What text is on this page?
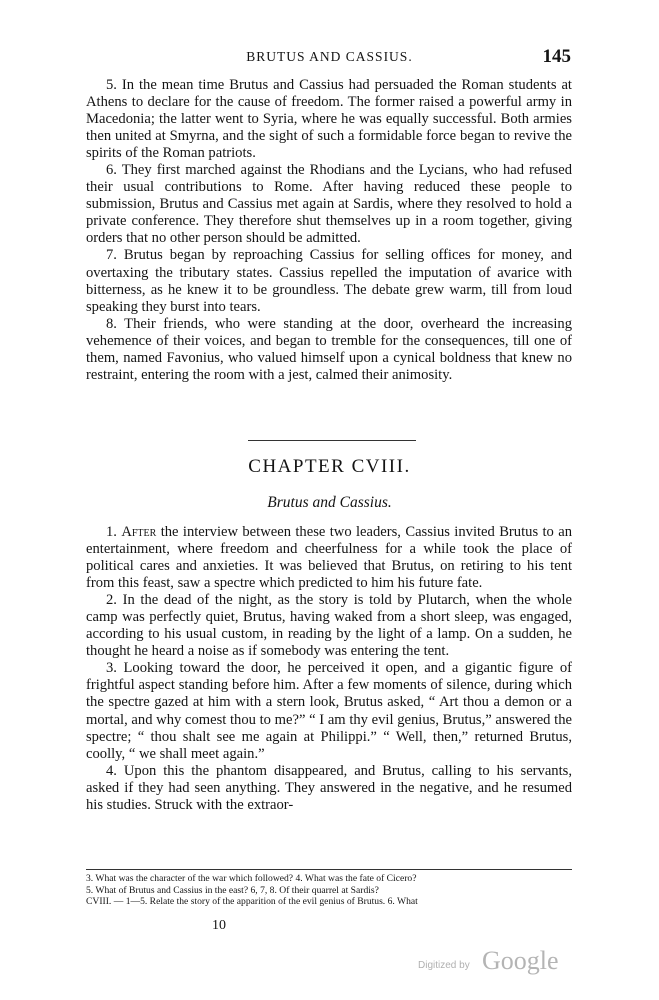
BRUTUS AND CASSIUS.	145

5. In the mean time Brutus and Cassius had persuaded the Roman students at Athens to declare for the cause of freedom. The former raised a powerful army in Macedonia; the latter went to Syria, where he was equally successful. Both armies then united at Smyrna, and the sight of such a formidable force began to revive the spirits of the Roman patriots.

6. They first marched against the Rhodians and the Lycians, who had refused their usual contributions to Rome. After having reduced these people to submission, Brutus and Cassius met again at Sardis, where they resolved to hold a private conference. They therefore shut themselves up in a room together, giving orders that no other person should be admitted.

7. Brutus began by reproaching Cassius for selling offices for money, and overtaxing the tributary states. Cassius repelled the imputation of avarice with bitterness, as he knew it to be groundless. The debate grew warm, till from loud speaking they burst into tears.

8. Their friends, who were standing at the door, overheard the increasing vehemence of their voices, and began to tremble for the consequences, till one of them, named Favonius, who valued himself upon a cynical boldness that knew no restraint, entering the room with a jest, calmed their animosity.

CHAPTER CVIII.
Brutus and Cassius.

1. After the interview between these two leaders, Cassius invited Brutus to an entertainment, where freedom and cheerfulness for a while took the place of political cares and anxieties. It was believed that Brutus, on retiring to his tent from this feast, saw a spectre which predicted to him his future fate.

2. In the dead of the night, as the story is told by Plutarch, when the whole camp was perfectly quiet, Brutus, having waked from a short sleep, was engaged, according to his usual custom, in reading by the light of a lamp. On a sudden, he thought he heard a noise as if somebody was entering the tent.

3. Looking toward the door, he perceived it open, and a gigantic figure of frightful aspect standing before him. After a few moments of silence, during which the spectre gazed at him with a stern look, Brutus asked, “ Art thou a demon or a mortal, and why comest thou to me?” “ I am thy evil genius, Brutus,” answered the spectre; “ thou shalt see me again at Philippi.” “ Well, then,” returned Brutus, coolly, “ we shall meet again.”

4. Upon this the phantom disappeared, and Brutus, calling to his servants, asked if they had seen anything. They answered in the negative, and he resumed his studies. Struck with the extraor-

3. What was the character of the war which followed? 4. What was the fate of Cicero?

5. What of Brutus and Cassius in the east? 6, 7, 8. Of their quarrel at Sardis?

CVIII. — 1—5. Relate the story of the apparition of the evil genius of Brutus. 6. What

10
Digitized by Google
